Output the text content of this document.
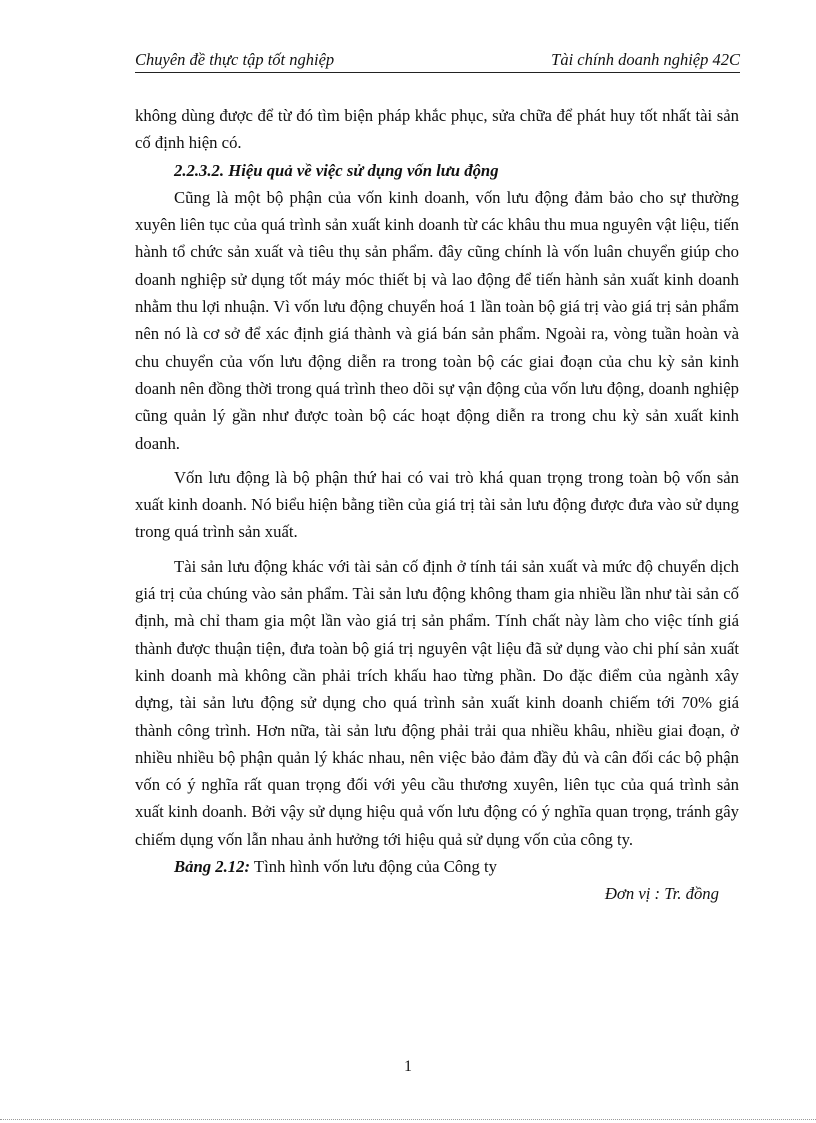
Chuyên đề thực tập tốt nghiệp	Tài chính doanh nghiệp 42C

không dùng được để từ đó tìm biện pháp khắc phục, sửa chữa để phát huy tốt nhất tài sản cố định hiện có.

2.2.3.2. Hiệu quả về việc sử dụng vốn lưu động

Cũng là một bộ phận của vốn kinh doanh, vốn lưu động đảm bảo cho sự thường xuyên liên tục của quá trình sản xuất kinh doanh từ các khâu thu mua nguyên vật liệu, tiến hành tổ chức sản xuất và tiêu thụ sản phẩm. đây cũng chính là vốn luân chuyển giúp cho doanh nghiệp sử dụng tốt máy móc thiết bị và lao động để tiến hành sản xuất kinh doanh nhằm thu lợi nhuận. Vì vốn lưu động chuyển hoá 1 lần toàn bộ giá trị vào giá trị sản phẩm nên nó là cơ sở để xác định giá thành và giá bán sản phẩm. Ngoài ra, vòng tuần hoàn và chu chuyển của vốn lưu động diễn ra trong toàn bộ các giai đoạn của chu kỳ sản kinh doanh nên đồng thời trong quá trình theo dõi sự vận động của vốn lưu động, doanh nghiệp cũng quản lý gần như được toàn bộ các hoạt động diễn ra trong chu kỳ sản xuất kinh doanh.

Vốn lưu động là bộ phận thứ hai có vai trò khá quan trọng trong toàn bộ vốn sản xuất kinh doanh. Nó biểu hiện bằng tiền của giá trị tài sản lưu động được đưa vào sử dụng trong quá trình sản xuất.

Tài sản lưu động khác với tài sản cố định ở tính tái sản xuất và mức độ chuyển dịch giá trị của chúng vào sản phẩm. Tài sản lưu động không tham gia nhiều lần như tài sản cố định, mà chỉ tham gia một lần vào giá trị sản phẩm. Tính chất này làm cho việc tính giá thành được thuận tiện, đưa toàn bộ giá trị nguyên vật liệu đã sử dụng vào chi phí sản xuất kinh doanh mà không cần phải trích khấu hao từng phần. Do đặc điểm của ngành xây dựng, tài sản lưu động sử dụng cho quá trình sản xuất kinh doanh chiếm tới 70% giá thành công trình. Hơn nữa, tài sản lưu động phải trải qua nhiều khâu, nhiều giai đoạn, ở nhiều nhiều bộ phận quản lý khác nhau, nên việc bảo đảm đầy đủ và cân đối các bộ phận vốn có ý nghĩa rất quan trọng đối với yêu cầu thương xuyên, liên tục của quá trình sản xuất kinh doanh. Bởi vậy sử dụng hiệu quả vốn lưu động có ý nghĩa quan trọng, tránh gây chiếm dụng vốn lẫn nhau ảnh hưởng tới hiệu quả sử dụng vốn của công ty.

Bảng 2.12: Tình hình vốn lưu động của Công ty

Đơn vị : Tr. đồng

1
